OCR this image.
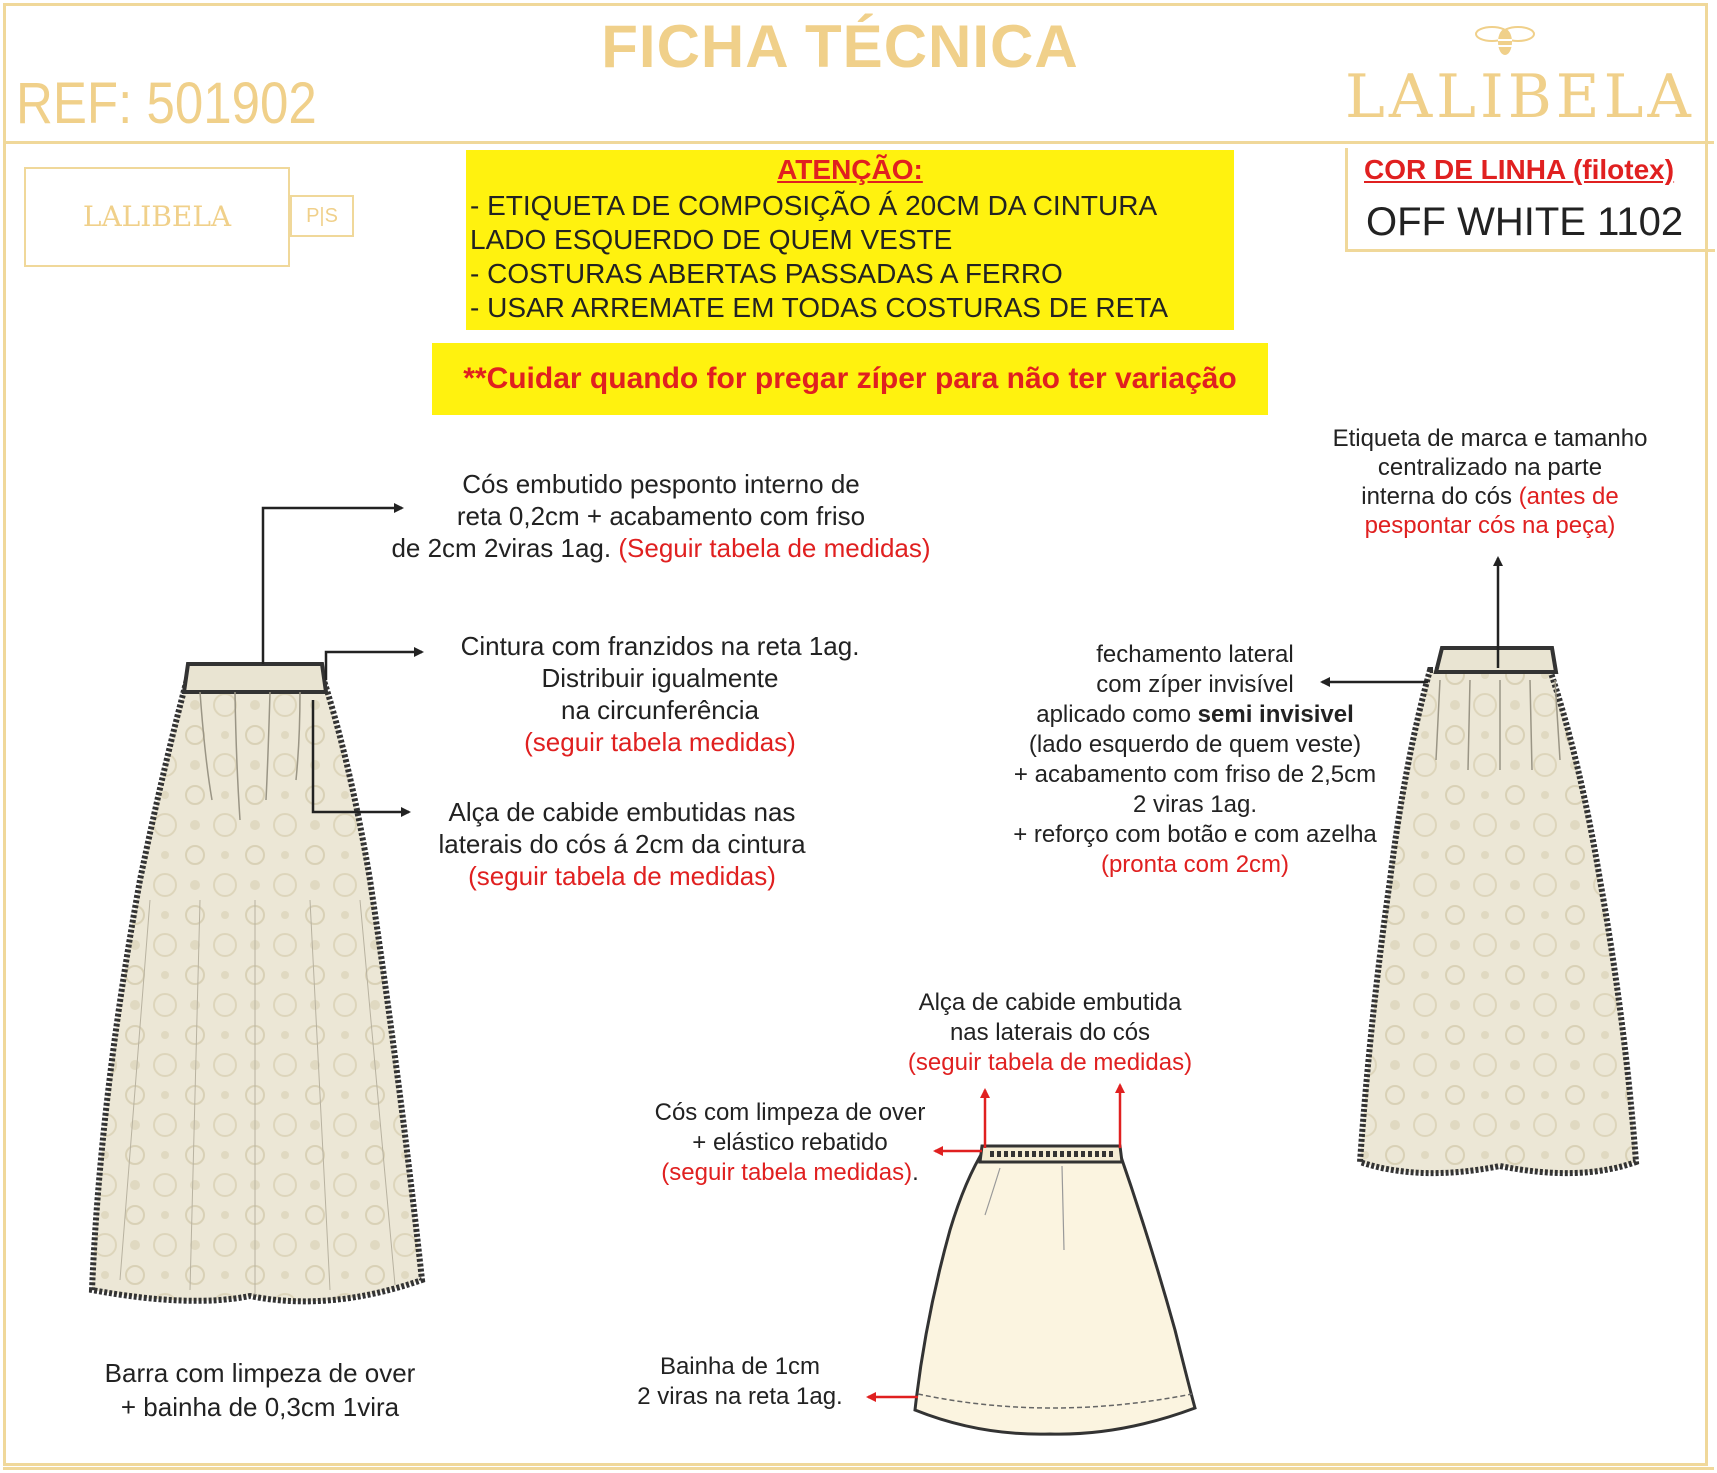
FICHA TÉCNICA
REF: 501902	LALIBELA
LALIBELA	P|S
ATENÇÃO:
- ETIQUETA DE COMPOSIÇÃO Á 20CM DA CINTURA
LADO ESQUERDO DE QUEM VESTE
- COSTURAS ABERTAS PASSADAS A FERRO
- USAR ARREMATE EM TODAS COSTURAS DE RETA
**Cuidar quando for pregar zíper para não ter variação
COR DE LINHA (filotex)
OFF WHITE 1102
Cós embutido pesponto interno de
reta 0,2cm + acabamento com friso
de 2cm 2viras 1ag. (Seguir tabela de medidas)
Cintura com franzidos na reta 1ag.
Distribuir igualmente
na circunferência
(seguir tabela medidas)
Alça de cabide embutidas nas
laterais do cós á 2cm da cintura
(seguir tabela de medidas)
Barra com limpeza de over
+ bainha de 0,3cm 1vira
Etiqueta de marca e tamanho
centralizado na parte
interna do cós (antes de
pespontar cós na peça)
fechamento lateral
com zíper invisível
aplicado como semi invisivel
(lado esquerdo de quem veste)
+ acabamento com friso de 2,5cm
2 viras 1ag.
+ reforço com botão e com azelha
(pronta com 2cm)
Alça de cabide embutida
nas laterais do cós
(seguir tabela de medidas)
Cós com limpeza de over
+ elástico rebatido
(seguir tabela medidas).
Bainha de 1cm
2 viras na reta 1ag.
